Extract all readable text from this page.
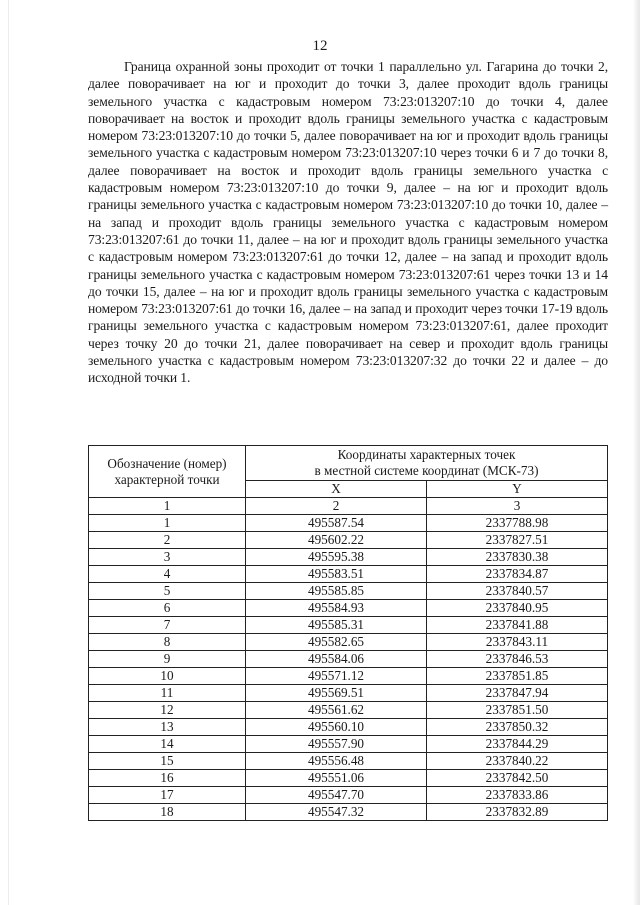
12

Граница охранной зоны проходит от точки 1 параллельно ул. Гагарина до точки 2, далее поворачивает на юг и проходит до точки 3, далее проходит вдоль границы земельного участка с кадастровым номером 73:23:013207:10 до точки 4, далее поворачивает на восток и проходит вдоль границы земельного участка с кадастровым номером 73:23:013207:10 до точки 5, далее поворачивает на юг и проходит вдоль границы земельного участка с кадастровым номером 73:23:013207:10 через точки 6 и 7 до точки 8, далее поворачивает на восток и проходит вдоль границы земельного участка с кадастровым номером 73:23:013207:10 до точки 9, далее – на юг и проходит вдоль границы земельного участка с кадастровым номером 73:23:013207:10 до точки 10, далее – на запад и проходит вдоль границы земельного участка с кадастровым номером 73:23:013207:61 до точки 11, далее – на юг и проходит вдоль границы земельного участка с кадастровым номером 73:23:013207:61 до точки 12, далее – на запад и проходит вдоль границы земельного участка с кадастровым номером 73:23:013207:61 через точки 13 и 14 до точки 15, далее – на юг и проходит вдоль границы земельного участка с кадастровым номером 73:23:013207:61 до точки 16, далее – на запад и проходит через точки 17-19 вдоль границы земельного участка с кадастровым номером 73:23:013207:61, далее проходит через точку 20 до точки 21, далее поворачивает на север и проходит вдоль границы земельного участка с кадастровым номером 73:23:013207:32 до точки 22 и далее – до исходной точки 1.

Обозначение (номер) характерной точки	Координаты характерных точек
в местной системе координат (МСК-73)	

	X	Y
1	2	3
1	495587.54	2337788.98
2	495602.22	2337827.51
3	495595.38	2337830.38
4	495583.51	2337834.87
5	495585.85	2337840.57
6	495584.93	2337840.95
7	495585.31	2337841.88
8	495582.65	2337843.11
9	495584.06	2337846.53
10	495571.12	2337851.85
11	495569.51	2337847.94
12	495561.62	2337851.50
13	495560.10	2337850.32
14	495557.90	2337844.29
15	495556.48	2337840.22
16	495551.06	2337842.50
17	495547.70	2337833.86
18	495547.32	2337832.89
